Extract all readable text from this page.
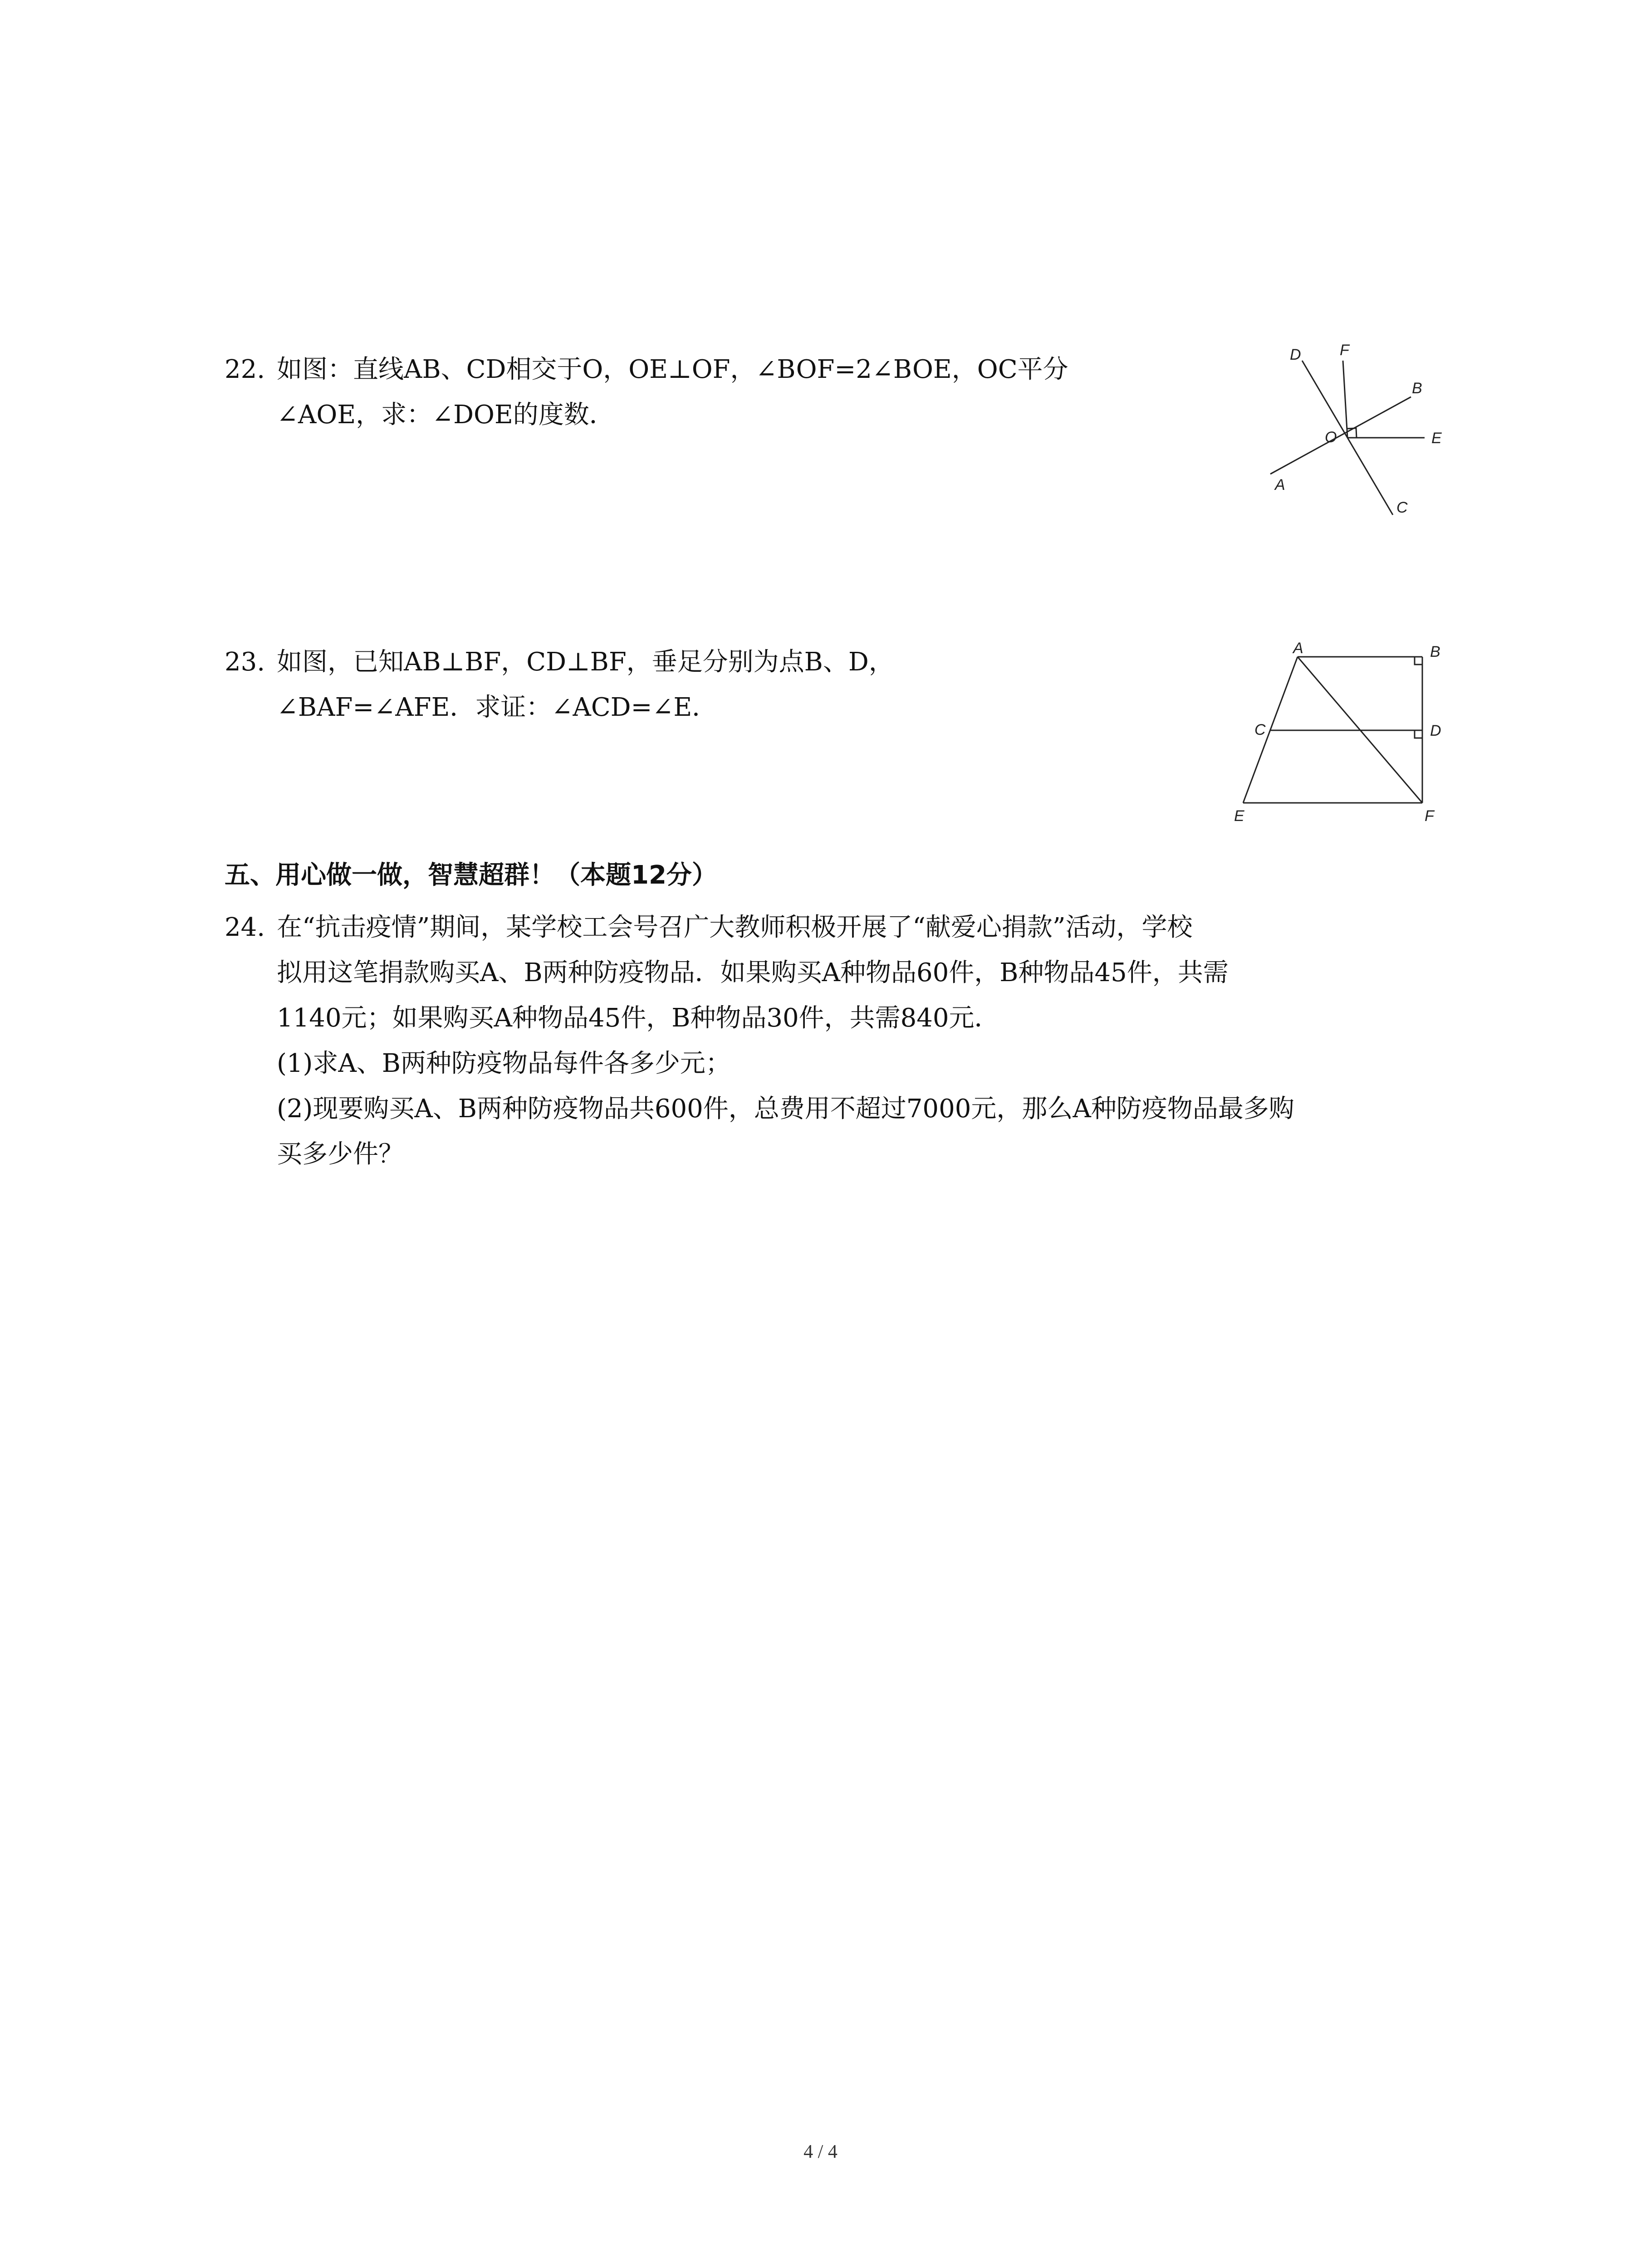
22. 如图：直线AB、CD相交于O，OE⊥OF，∠BOF=2∠BOE，OC平分
∠AOE，求：∠DOE的度数．
D	F
B
O	E
A
C
23. 如图，已知AB⊥BF，CD⊥BF，垂足分别为点B、D，
∠BAF=∠AFE．求证：∠ACD=∠E．
A	B
C	D
E	F
五、用心做一做，智慧超群！（本题12分）
24. 在“抗击疫情”期间，某学校工会号召广大教师积极开展了“献爱心捐款”活动，学校
拟用这笔捐款购买A、B两种防疫物品．如果购买A种物品60件，B种物品45件，共需
1140元；如果购买A种物品45件，B种物品30件，共需840元．
(1)求A、B两种防疫物品每件各多少元；
(2)现要购买A、B两种防疫物品共600件，总费用不超过7000元，那么A种防疫物品最多购
买多少件？
4 / 4
